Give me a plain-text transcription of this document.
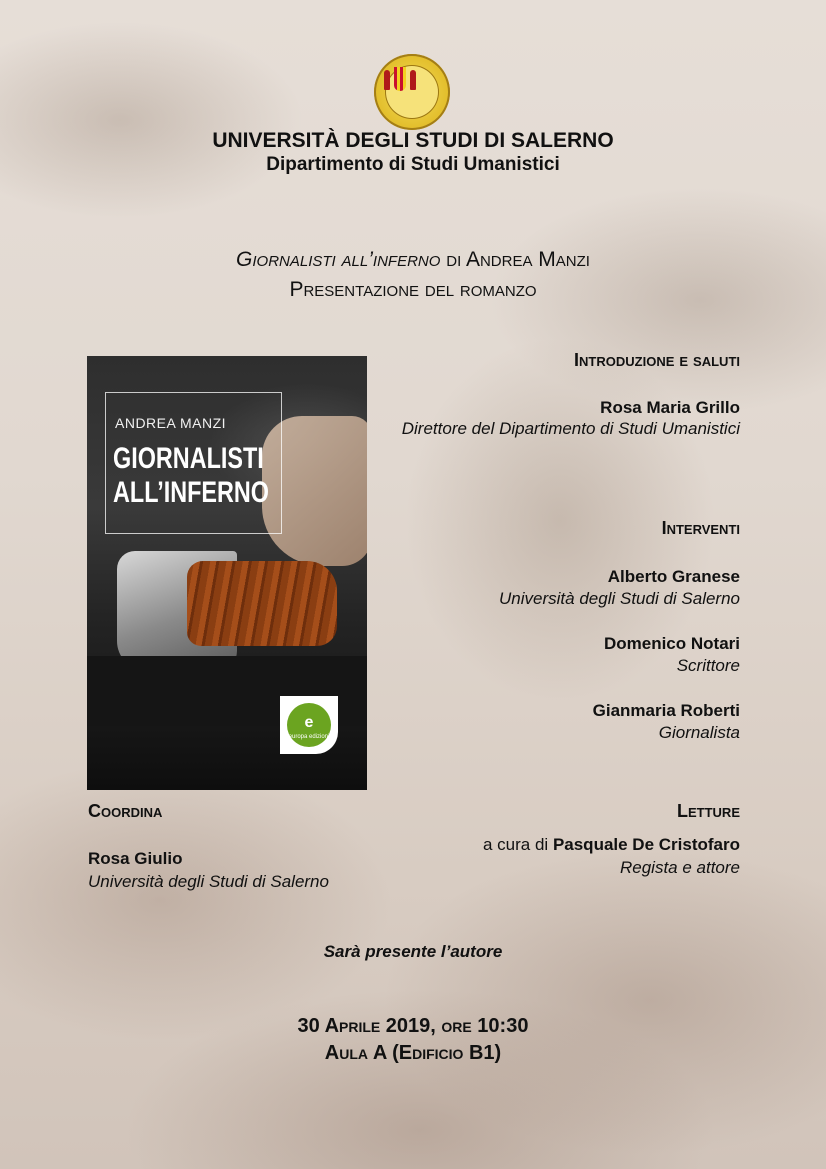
UNIVERSITÀ DEGLI STUDI DI SALERNO
Dipartimento di Studi Umanistici
Giornalisti all’inferno di Andrea Manzi
Presentazione del romanzo
ANDREA MANZI
GIORNALISTI
ALL’INFERNO
e
europa edizioni
Introduzione e saluti
Rosa Maria Grillo
Direttore del Dipartimento di Studi Umanistici
Interventi
Alberto Granese
Università degli Studi di Salerno
Domenico Notari
Scrittore
Gianmaria Roberti
Giornalista
Coordina
Rosa Giulio
Università degli Studi di Salerno
Letture
a cura di Pasquale De Cristofaro
Regista e attore
Sarà presente l’autore
30 Aprile 2019, ore 10:30
Aula A (Edificio B1)
